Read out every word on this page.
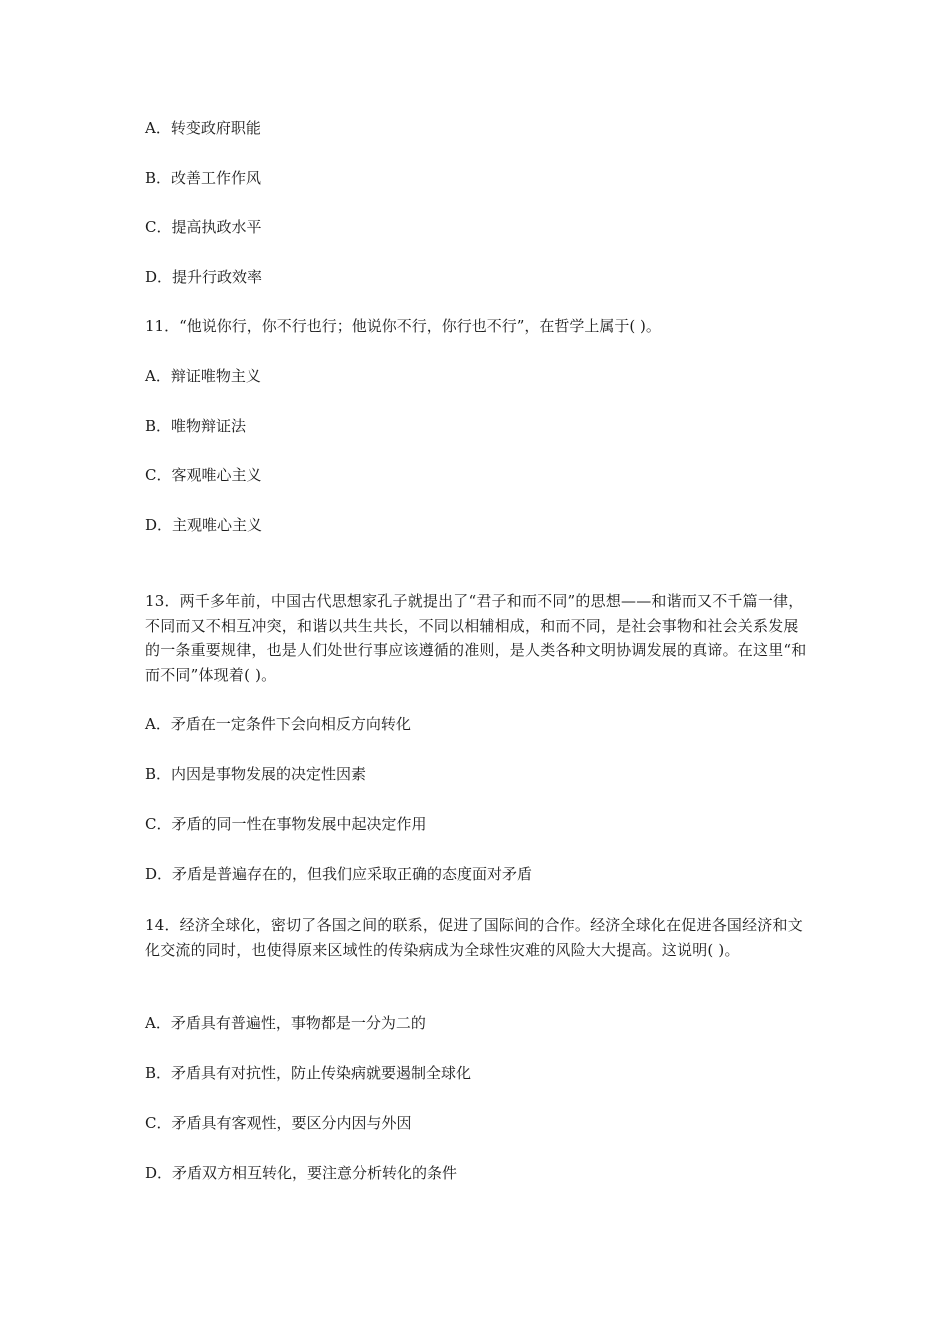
A．转变政府职能
B．改善工作作风
C．提高执政水平
D．提升行政效率
11．“他说你行，你不行也行；他说你不行，你行也不行”，在哲学上属于( )。
A．辩证唯物主义
B．唯物辩证法
C．客观唯心主义
D．主观唯心主义
13．两千多年前，中国古代思想家孔子就提出了“君子和而不同”的思想——和谐而又不千篇一律，不同而又不相互冲突，和谐以共生共长，不同以相辅相成，和而不同，是社会事物和社会关系发展的一条重要规律，也是人们处世行事应该遵循的准则，是人类各种文明协调发展的真谛。在这里“和而不同”体现着( )。
A．矛盾在一定条件下会向相反方向转化
B．内因是事物发展的决定性因素
C．矛盾的同一性在事物发展中起决定作用
D．矛盾是普遍存在的，但我们应采取正确的态度面对矛盾
14．经济全球化，密切了各国之间的联系，促进了国际间的合作。经济全球化在促进各国经济和文化交流的同时，也使得原来区域性的传染病成为全球性灾难的风险大大提高。这说明( )。
A．矛盾具有普遍性，事物都是一分为二的
B．矛盾具有对抗性，防止传染病就要遏制全球化
C．矛盾具有客观性，要区分内因与外因
D．矛盾双方相互转化，要注意分析转化的条件
